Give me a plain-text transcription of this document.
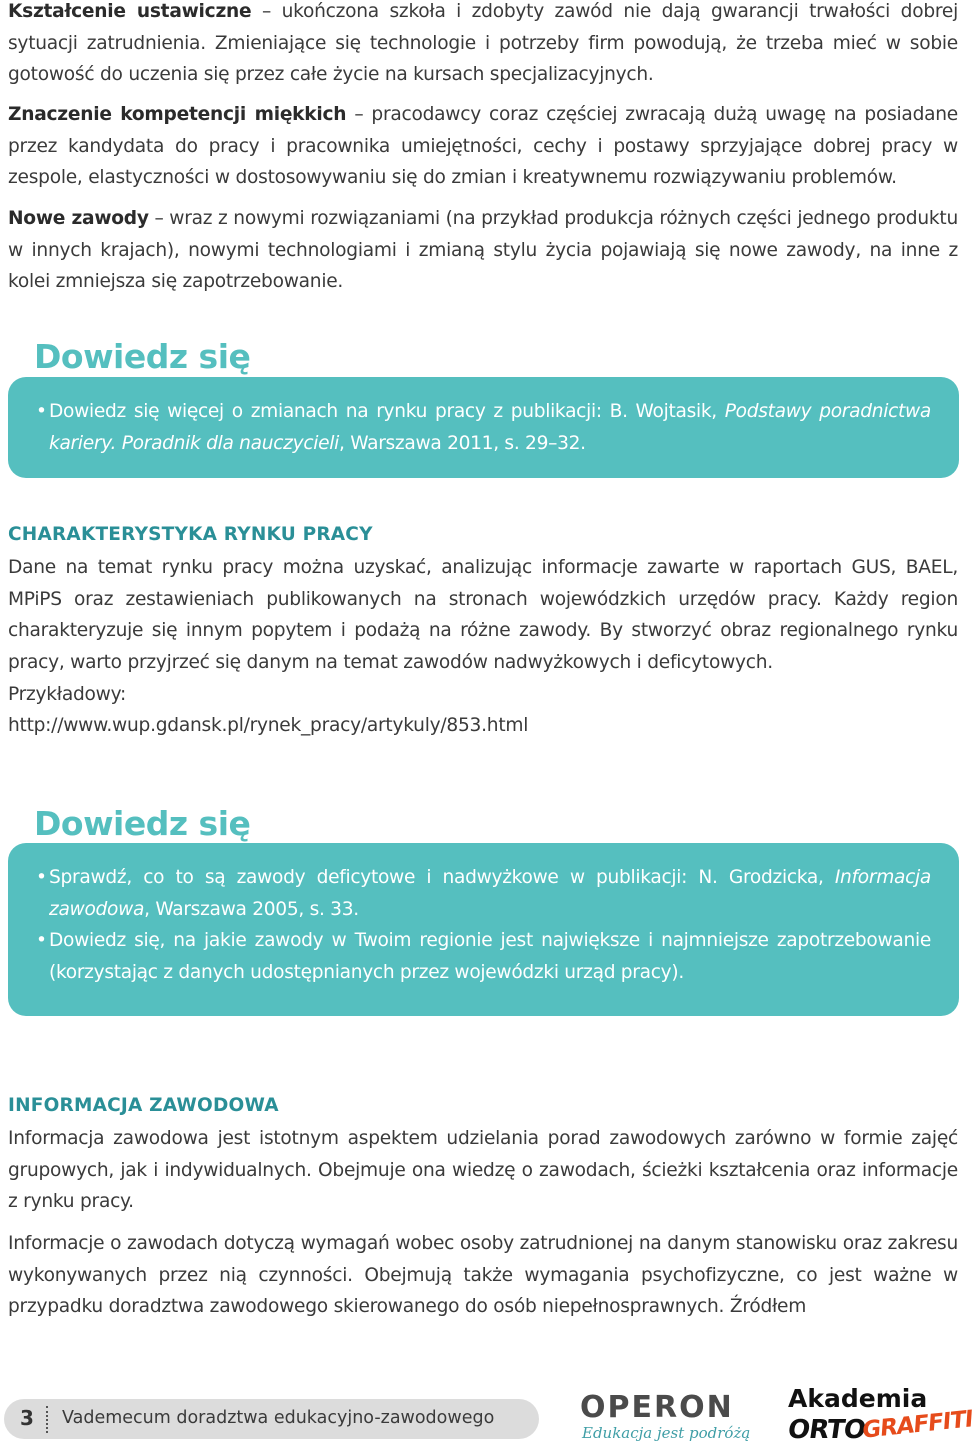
Kształcenie ustawiczne – ukończona szkoła i zdobyty zawód nie dają gwarancji trwałości dobrej sytuacji zatrudnienia. Zmieniające się technologie i potrzeby firm powodują, że trzeba mieć w sobie gotowość do uczenia się przez całe życie na kursach specjalizacyjnych.

Znaczenie kompetencji miękkich – pracodawcy coraz częściej zwracają dużą uwagę na posiadane przez kandydata do pracy i pracownika umiejętności, cechy i postawy sprzyjające dobrej pracy w zespole, elastyczności w dostosowywaniu się do zmian i kreatywnemu rozwiązywaniu problemów.

Nowe zawody – wraz z nowymi rozwiązaniami (na przykład produkcja różnych części jednego produktu w innych krajach), nowymi technologiami i zmianą stylu życia pojawiają się nowe zawody, na inne z kolei zmniejsza się zapotrzebowanie.

Dowiedz się
• Dowiedz się więcej o zmianach na rynku pracy z publikacji: B. Wojtasik, Podstawy poradnictwa kariery. Poradnik dla nauczycieli, Warszawa 2011, s. 29–32.
CHARAKTERYSTYKA RYNKU PRACY

Dane na temat rynku pracy można uzyskać, analizując informacje zawarte w raportach GUS, BAEL, MPiPS oraz zestawieniach publikowanych na stronach wojewódzkich urzędów pracy. Każdy region charakteryzuje się innym popytem i podażą na różne zawody. By stworzyć obraz regionalnego rynku pracy, warto przyjrzeć się danym na temat zawodów nadwyżkowych i deficytowych.

Przykładowy:

http://www.wup.gdansk.pl/rynek_pracy/artykuly/853.html

Dowiedz się
• Sprawdź, co to są zawody deficytowe i nadwyżkowe w publikacji: N. Grodzicka, Informacja zawodowa, Warszawa 2005, s. 33.
• Dowiedz się, na jakie zawody w Twoim regionie jest największe i najmniejsze zapotrzebowanie (korzystając z danych udostępnianych przez wojewódzki urząd pracy).
INFORMACJA ZAWODOWA

Informacja zawodowa jest istotnym aspektem udzielania porad zawodowych zarówno w formie zajęć grupowych, jak i indywidualnych. Obejmuje ona wiedzę o zawodach, ścieżki kształcenia oraz informacje z rynku pracy.

Informacje o zawodach dotyczą wymagań wobec osoby zatrudnionej na danym stanowisku oraz zakresu wykonywanych przez nią czynności. Obejmują także wymagania psychofizyczne, co jest ważne w przypadku doradztwa zawodowego skierowanego do osób niepełnosprawnych. Źródłem

3 Vademecum doradztwa edukacyjno-zawodowego	OPERON
Edukacja jest podróżą
Akademia
ORTO
GRAFFITI
